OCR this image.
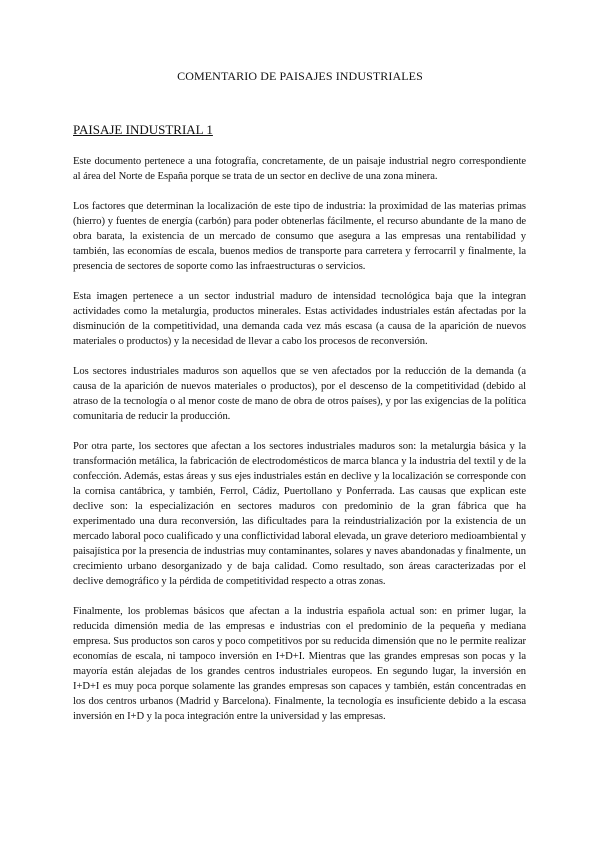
COMENTARIO DE PAISAJES INDUSTRIALES
PAISAJE INDUSTRIAL 1

Este documento pertenece a una fotografía, concretamente, de un paisaje industrial negro correspondiente al área del Norte de España porque se trata de un sector en declive de una zona minera.

Los factores que determinan la localización de este tipo de industria: la proximidad de las materias primas (hierro) y fuentes de energía (carbón) para poder obtenerlas fácilmente, el recurso abundante de la mano de obra barata, la existencia de un mercado de consumo que asegura a las empresas una rentabilidad y también, las economías de escala, buenos medios de transporte para carretera y ferrocarril y finalmente, la presencia de sectores de soporte como las infraestructuras o servicios.

Esta imagen pertenece a un sector industrial maduro de intensidad tecnológica baja que la integran actividades como la metalurgia, productos minerales. Estas actividades industriales están afectadas por la disminución de la competitividad, una demanda cada vez más escasa (a causa de la aparición de nuevos materiales o productos) y la necesidad de llevar a cabo los procesos de reconversión.

Los sectores industriales maduros son aquellos que se ven afectados por la reducción de la demanda (a causa de la aparición de nuevos materiales o productos), por el descenso de la competitividad (debido al atraso de la tecnología o al menor coste de mano de obra de otros países), y por las exigencias de la política comunitaria de reducir la producción.

Por otra parte, los sectores que afectan a los sectores industriales maduros son: la metalurgia básica y la transformación metálica, la fabricación de electrodomésticos de marca blanca y la industria del textil y de la confección. Además, estas áreas y sus ejes industriales están en declive y la localización se corresponde con la cornisa cantábrica, y también, Ferrol, Cádiz, Puertollano y Ponferrada. Las causas que explican este declive son: la especialización en sectores maduros con predominio de la gran fábrica que ha experimentado una dura reconversión, las dificultades para la reindustrialización por la existencia de un mercado laboral poco cualificado y una conflictividad laboral elevada, un grave deterioro medioambiental y paisajística por la presencia de industrias muy contaminantes, solares y naves abandonadas y finalmente, un crecimiento urbano desorganizado y de baja calidad. Como resultado, son áreas caracterizadas por el declive demográfico y la pérdida de competitividad respecto a otras zonas.

Finalmente, los problemas básicos que afectan a la industria española actual son: en primer lugar, la reducida dimensión media de las empresas e industrias con el predominio de la pequeña y mediana empresa. Sus productos son caros y poco competitivos por su reducida dimensión que no le permite realizar economías de escala, ni tampoco inversión en I+D+I. Mientras que las grandes empresas son pocas y la mayoría están alejadas de los grandes centros industriales europeos. En segundo lugar, la inversión en I+D+I es muy poca porque solamente las grandes empresas son capaces y también, están concentradas en los dos centros urbanos (Madrid y Barcelona). Finalmente, la tecnología es insuficiente debido a la escasa inversión en I+D y la poca integración entre la universidad y las empresas.
